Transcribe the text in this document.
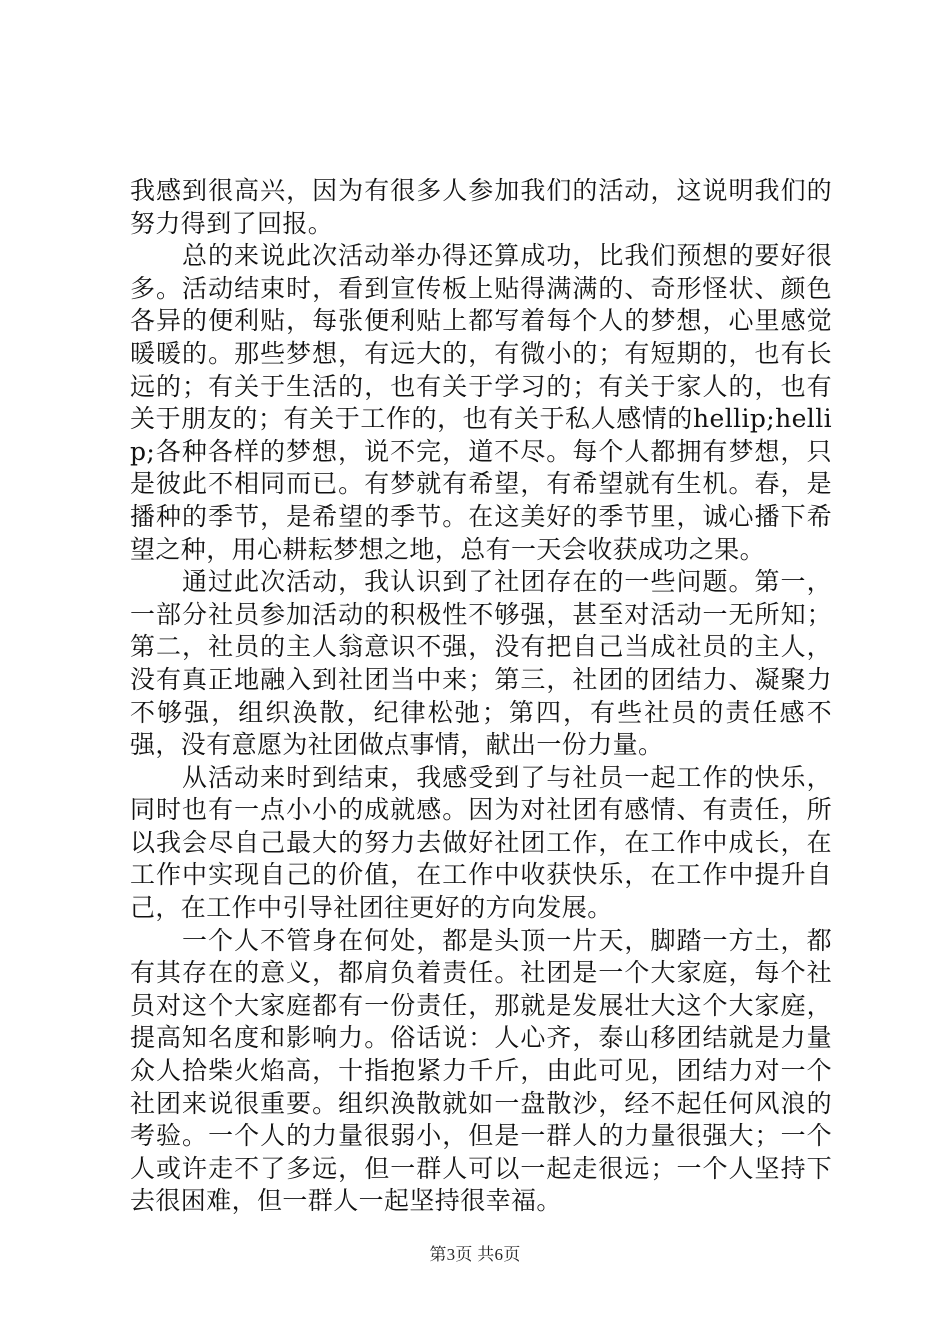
我感到很高兴，因为有很多人参加我们的活动，这说明我们的努力得到了回报。

总的来说此次活动举办得还算成功，比我们预想的要好很多。活动结束时，看到宣传板上贴得满满的、奇形怪状、颜色各异的便利贴，每张便利贴上都写着每个人的梦想，心里感觉暖暖的。那些梦想，有远大的，有微小的；有短期的，也有长远的；有关于生活的，也有关于学习的；有关于家人的，也有关于朋友的；有关于工作的，也有关于私人感情的hellip;hellip;各种各样的梦想，说不完，道不尽。每个人都拥有梦想，只是彼此不相同而已。有梦就有希望，有希望就有生机。春，是播种的季节，是希望的季节。在这美好的季节里，诚心播下希望之种，用心耕耘梦想之地，总有一天会收获成功之果。

通过此次活动，我认识到了社团存在的一些问题。第一，一部分社员参加活动的积极性不够强，甚至对活动一无所知；第二，社员的主人翁意识不强，没有把自己当成社员的主人，没有真正地融入到社团当中来；第三，社团的团结力、凝聚力不够强，组织涣散，纪律松弛；第四，有些社员的责任感不强，没有意愿为社团做点事情，献出一份力量。

从活动来时到结束，我感受到了与社员一起工作的快乐，同时也有一点小小的成就感。因为对社团有感情、有责任，所以我会尽自己最大的努力去做好社团工作，在工作中成长，在工作中实现自己的价值，在工作中收获快乐，在工作中提升自己，在工作中引导社团往更好的方向发展。

一个人不管身在何处，都是头顶一片天，脚踏一方土，都有其存在的意义，都肩负着责任。社团是一个大家庭，每个社员对这个大家庭都有一份责任，那就是发展壮大这个大家庭，提高知名度和影响力。俗话说：人心齐，泰山移团结就是力量众人拾柴火焰高，十指抱紧力千斤，由此可见，团结力对一个社团来说很重要。组织涣散就如一盘散沙，经不起任何风浪的考验。一个人的力量很弱小，但是一群人的力量很强大；一个人或许走不了多远，但一群人可以一起走很远；一个人坚持下去很困难，但一群人一起坚持很幸福。

第3页 共6页
